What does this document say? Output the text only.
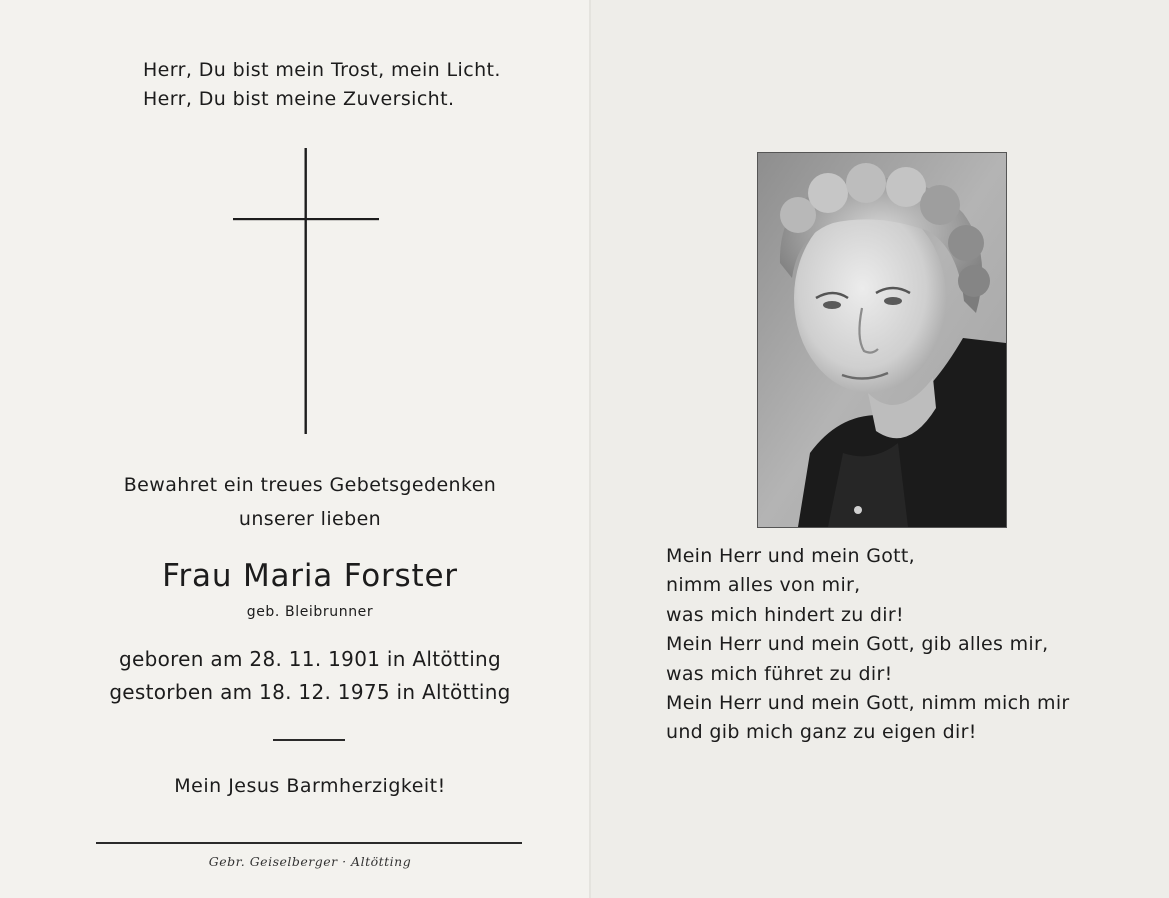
Herr, Du bist mein Trost, mein Licht.
Herr, Du bist meine Zuversicht.
Bewahret ein treues Gebetsgedenken
unserer lieben
Frau Maria Forster
geb. Bleibrunner
geboren am 28. 11. 1901 in Altötting
gestorben am 18. 12. 1975 in Altötting
Mein Jesus Barmherzigkeit!
Gebr. Geiselberger · Altötting
Mein Herr und mein Gott,
nimm alles von mir,
was mich hindert zu dir!
Mein Herr und mein Gott, gib alles mir,
was mich führet zu dir!
Mein Herr und mein Gott, nimm mich mir
und gib mich ganz zu eigen dir!
